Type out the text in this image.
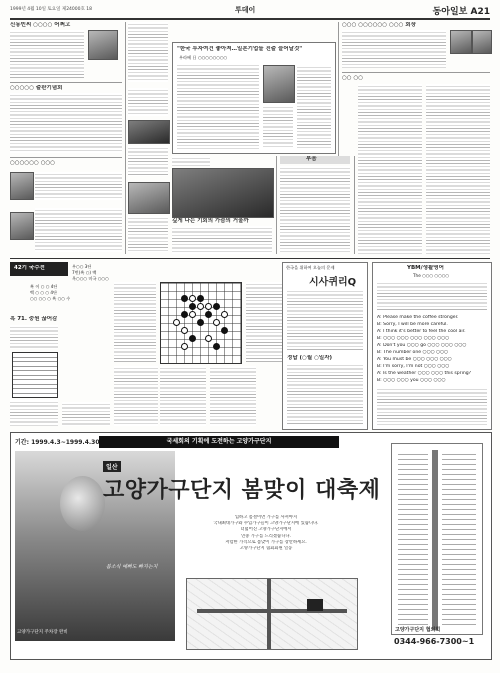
1999년 4월 10일 토요일 제24000호 18	투데이	동아일보 A21
신동빈씨 ○○○○ 어쩌고
○○○○○ 출판기념회
○○○○○○ ○○○
"한국 투자여건 좋아져…일본기업들 진출 늘어날것"
우라베 日 ○○○○○○○○
깊게 나는 기회의 가슴의 거울까
부음
○○○ ○○○○○○ ○○○ 회장
○○ ○○
42기 국수전	우○○ 3단
7번(흑 ○) 백
옥○○○ 미국 ○○○
흑 이 ○ ○ 4단
백 ○ ○ ○ 4단
○○ ○○ ○ 흑 ○○ 수
흑 71. 중원 끊어감
한국을 위하여 오늘의 문제
시사퀴리Q
정답 (○월 ○일자)
YBM/생활영어
The ○○○ ○○○○
A: Please make the coffee stronger.
B: Sorry, I will be more careful.
A: I think it's better to feel the cool air.
B: ○○○ ○○○ ○○○ ○○○ ○○○
A: Don't you ○○○ go ○○○ ○○○ ○○○
B: The number one ○○○ ○○○
A: You must be ○○○ ○○○ ○○○
B: I'm sorry, I'm not ○○○ ○○○
A: Is the weather ○○○ ○○○ this spring?
B: ○○○ ○○○ you ○○○ ○○○
기간: 1999.4.3~1999.4.30	국세회의 기획에 도전하는 고양가구단지
일산
고양가구단지 봄맞이 대축제
봄소식 예뻐도 빠지는지
입하고 봄철이면 가구를 사셔야지
국내최대가구와 수입가구들이 고양가구단지에 있습니다.
더넓어진 고양가구단지에서
연중 가구를 드리겠습니다.
저렴한 가격으로 봄맞이 가구를 장만하세요.
고양가구단지 협회회원 일동
고양가구단지 협의회
0344-966-7300~1
고양가구단지 주차장 완비
